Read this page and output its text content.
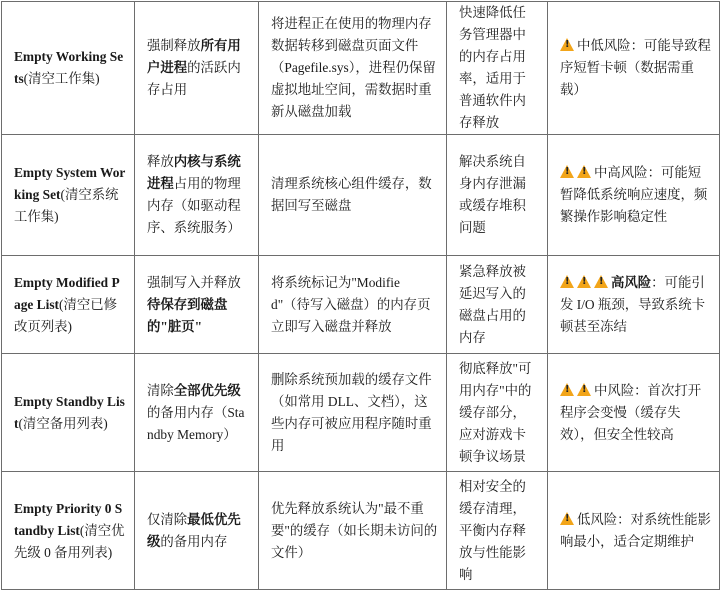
Empty Working Sets(清空工作集)	强制释放所有用户进程的活跃内存占用	将进程正在使用的物理内存数据转移到磁盘页面文件（Pagefile.sys），进程仍保留虚拟地址空间，需数据时重新从磁盘加载	快速降低任务管理器中的内存占用率，适用于普通软件内存释放	!中低风险：可能导致程序短暂卡顿（数据需重载）
Empty System Working Set(清空系统工作集)	释放内核与系统进程占用的物理内存（如驱动程序、系统服务）	清理系统核心组件缓存，数据回写至磁盘	解决系统自身内存泄漏或缓存堆积问题	!!中高风险：可能短暂降低系统响应速度，频繁操作影响稳定性
Empty Modified Page List(清空已修改页列表)	强制写入并释放待保存到磁盘的"脏页"	将系统标记为"Modified"（待写入磁盘）的内存页立即写入磁盘并释放	紧急释放被延迟写入的磁盘占用的内存	!!!高风险：可能引发 I/O 瓶颈，导致系统卡顿甚至冻结
Empty Standby List(清空备用列表)	清除全部优先级的备用内存（Standby Memory）	删除系统预加载的缓存文件（如常用 DLL、文档），这些内存可被应用程序随时重用	彻底释放"可用内存"中的缓存部分，应对游戏卡顿争议场景	!!中风险：首次打开程序会变慢（缓存失效），但安全性较高
Empty Priority 0 Standby List(清空优先级 0 备用列表)	仅清除最低优先级的备用内存	优先释放系统认为"最不重要"的缓存（如长期未访问的文件）	相对安全的缓存清理，平衡内存释放与性能影响	!低风险：对系统性能影响最小，适合定期维护
